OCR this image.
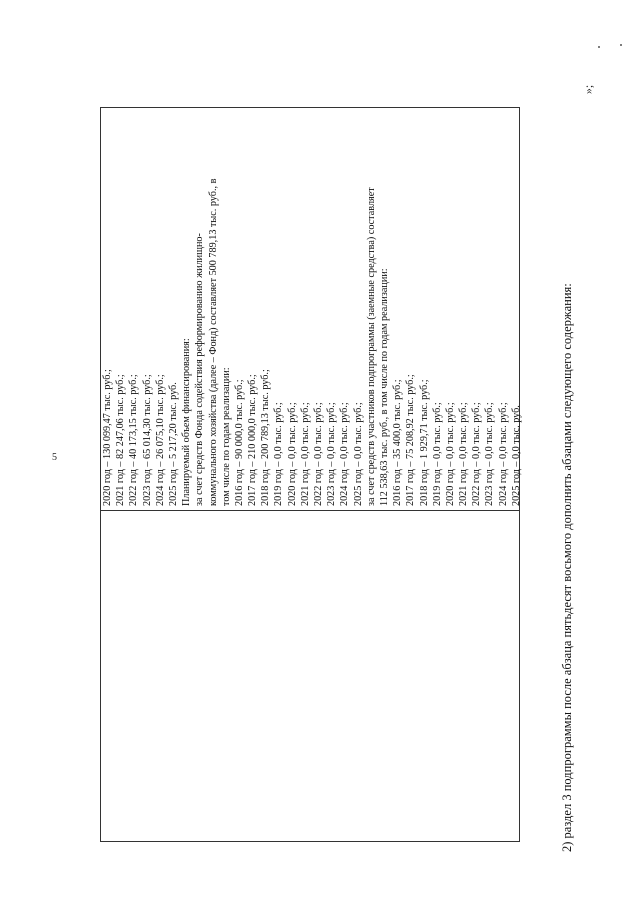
5
»;
2020 год – 130 099,47 тыс. руб.; 2021 год – 82 247,06 тыс. руб.; 2022 год – 40 173,15 тыс. руб.; 2023 год – 65 014,30 тыс. руб.; 2024 год – 26 075,10 тыс. руб.; 2025 год – 5 217,20 тыс. руб. Планируемый объем финансирования: за счет средств Фонда содействия реформированию жилищно- коммунального хозяйства (далее – Фонд) составляет 500 789,13 тыс. руб., в том числе по годам реализации: 2016 год – 90 000,0 тыс. руб.; 2017 год – 210 000,0 тыс. руб.; 2018 год – 200 789,13 тыс. руб.; 2019 год – 0,0 тыс. руб.; 2020 год – 0,0 тыс. руб.; 2021 год – 0,0 тыс. руб.; 2022 год – 0,0 тыс. руб.; 2023 год – 0,0 тыс. руб.; 2024 год – 0,0 тыс. руб.; 2025 год – 0,0 тыс. руб.; за счет средств участников подпрограммы (заемные средства) составляет 112 538,63 тыс. руб., в том числе по годам реализации: 2016 год – 35 400,0 тыс. руб.; 2017 год – 75 208,92 тыс. руб.; 2018 год – 1 929,71 тыс. руб.; 2019 год – 0,0 тыс. руб.; 2020 год – 0,0 тыс. руб.; 2021 год – 0,0 тыс. руб.; 2022 год – 0,0 тыс. руб.; 2023 год – 0,0 тыс. руб.; 2024 год – 0,0 тыс. руб.; 2025 год – 0,0 тыс. руб.	2) раздел 3 подпрограммы после абзаца пятьдесят восьмого дополнить абзацами следующего содержания:
